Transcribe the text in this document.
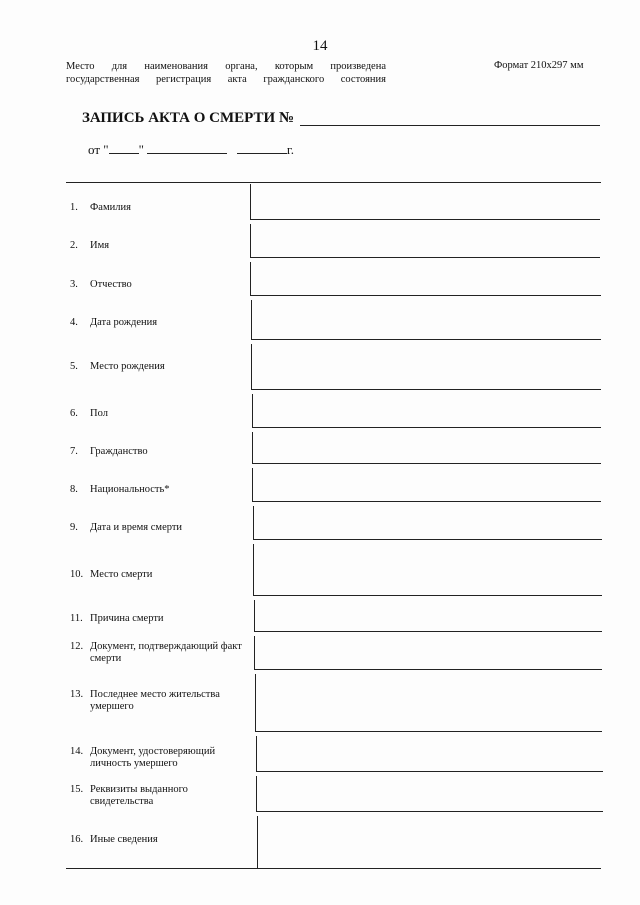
14
Место для наименования органа, которым произведена государственная регистрация акта гражданского состояния
Формат 210х297 мм
ЗАПИСЬ АКТА О СМЕРТИ №
от " "	г.
1.	Фамилия
2.	Имя
3.	Отчество
4.	Дата рождения
5.	Место рождения
6.	Пол
7.	Гражданство
8.	Национальность*
9.	Дата и время смерти
10. Место смерти
11. Причина смерти
12. Документ, подтверждающий факт смерти
13. Последнее место жительства умершего
14. Документ, удостоверяющий личность умершего
15. Реквизиты выданного свидетельства
16. Иные сведения
